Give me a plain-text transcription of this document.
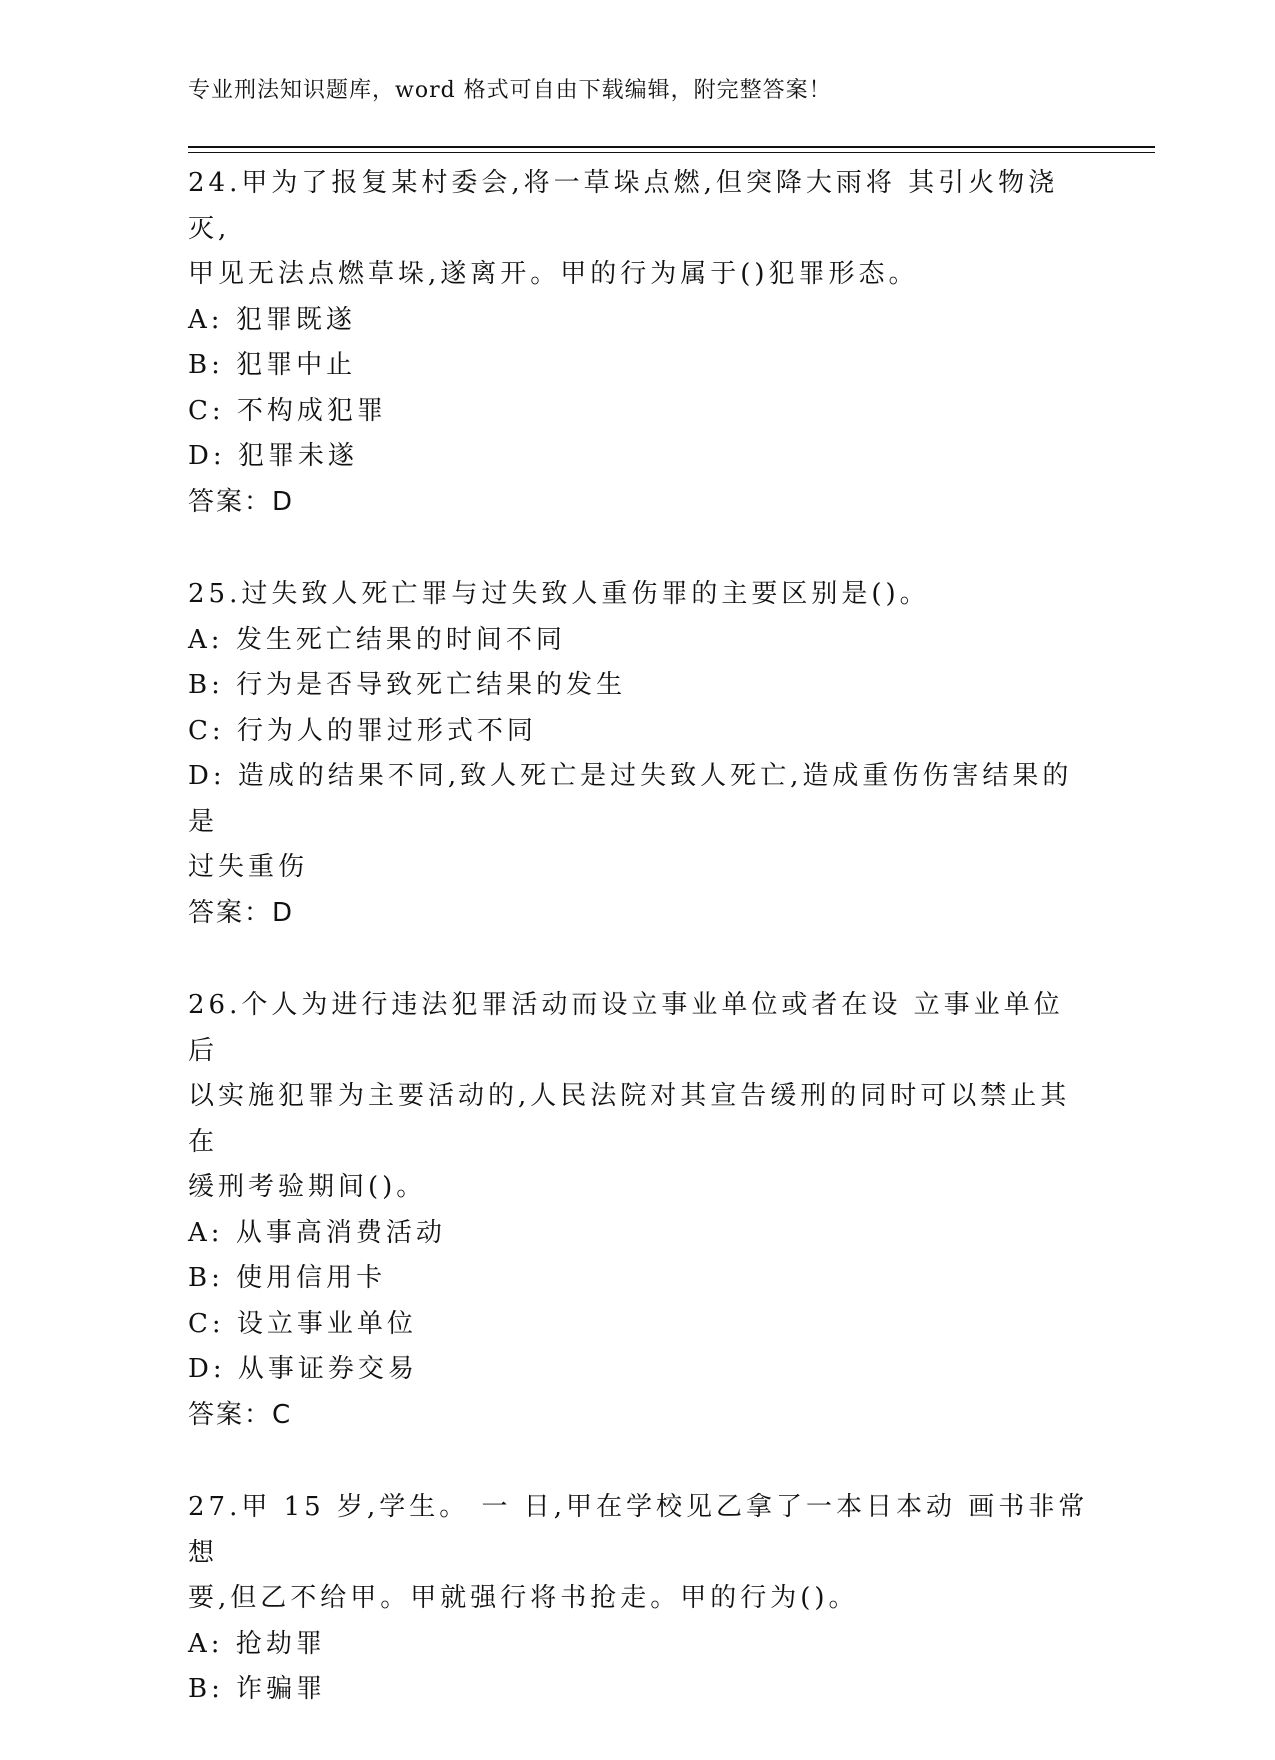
专业刑法知识题库，word 格式可自由下载编辑，附完整答案！
24.甲为了报复某村委会,将一草垛点燃,但突降大雨将 其引火物浇灭,
甲见无法点燃草垛,遂离开。甲的行为属于()犯罪形态。
A: 犯罪既遂
B: 犯罪中止
C: 不构成犯罪
D: 犯罪未遂
答案：D
25.过失致人死亡罪与过失致人重伤罪的主要区别是()。
A: 发生死亡结果的时间不同
B: 行为是否导致死亡结果的发生
C: 行为人的罪过形式不同
D: 造成的结果不同,致人死亡是过失致人死亡,造成重伤伤害结果的是
过失重伤
答案：D
26.个人为进行违法犯罪活动而设立事业单位或者在设 立事业单位后
以实施犯罪为主要活动的,人民法院对其宣告缓刑的同时可以禁止其在
缓刑考验期间()。
A: 从事高消费活动
B: 使用信用卡
C: 设立事业单位
D: 从事证券交易
答案：C
27.甲 15 岁,学生。 一 日,甲在学校见乙拿了一本日本动 画书非常想
要,但乙不给甲。甲就强行将书抢走。甲的行为()。
A: 抢劫罪
B: 诈骗罪
